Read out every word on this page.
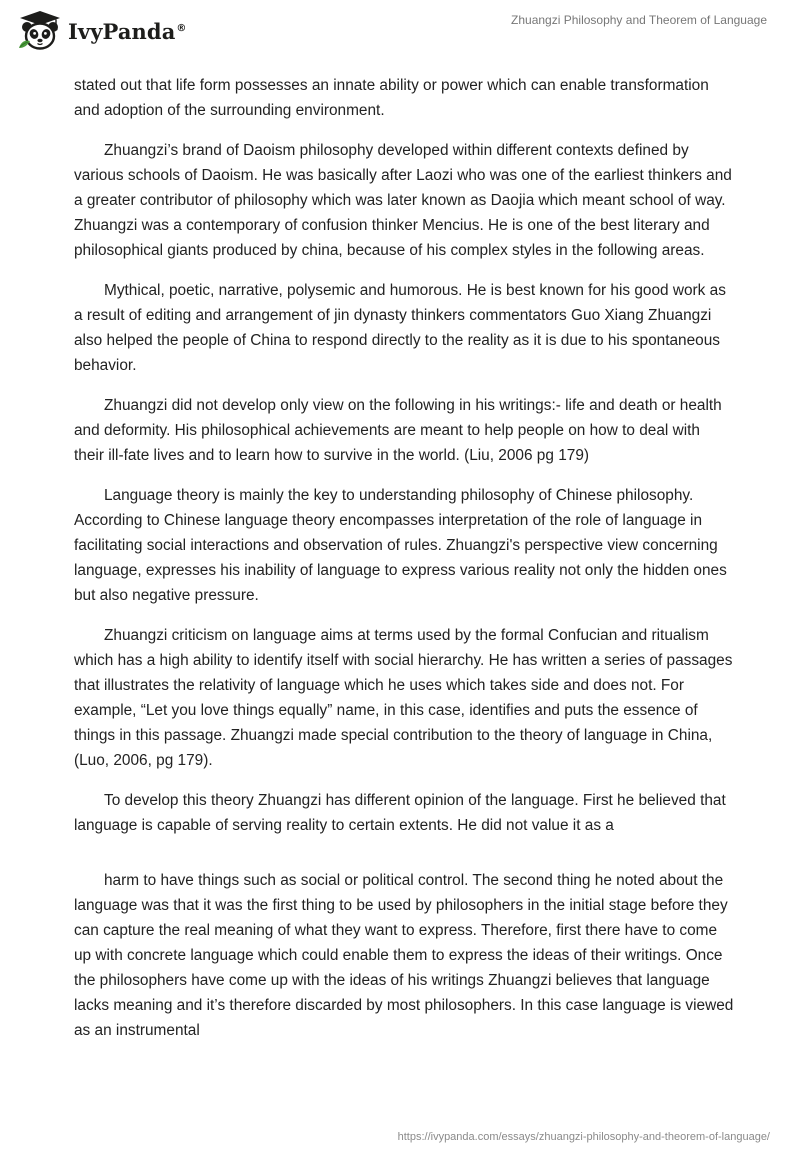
IvyPanda®
Zhuangzi Philosophy and Theorem of Language

stated out that life form possesses an innate ability or power which can enable transformation and adoption of the surrounding environment.

Zhuangzi’s brand of Daoism philosophy developed within different contexts defined by various schools of Daoism. He was basically after Laozi who was one of the earliest thinkers and a greater contributor of philosophy which was later known as Daojia which meant school of way. Zhuangzi was a contemporary of confusion thinker Mencius. He is one of the best literary and philosophical giants produced by china, because of his complex styles in the following areas.

Mythical, poetic, narrative, polysemic and humorous. He is best known for his good work as a result of editing and arrangement of jin dynasty thinkers commentators Guo Xiang Zhuangzi also helped the people of China to respond directly to the reality as it is due to his spontaneous behavior.

Zhuangzi did not develop only view on the following in his writings:- life and death or health and deformity. His philosophical achievements are meant to help people on how to deal with their ill-fate lives and to learn how to survive in the world. (Liu, 2006 pg 179)

Language theory is mainly the key to understanding philosophy of Chinese philosophy. According to Chinese language theory encompasses interpretation of the role of language in facilitating social interactions and observation of rules. Zhuangzi's perspective view concerning language, expresses his inability of language to express various reality not only the hidden ones but also negative pressure.

Zhuangzi criticism on language aims at terms used by the formal Confucian and ritualism which has a high ability to identify itself with social hierarchy. He has written a series of passages that illustrates the relativity of language which he uses which takes side and does not. For example, “Let you love things equally” name, in this case, identifies and puts the essence of things in this passage. Zhuangzi made special contribution to the theory of language in China, (Luo, 2006, pg 179).

To develop this theory Zhuangzi has different opinion of the language. First he believed that language is capable of serving reality to certain extents. He did not value it as a

harm to have things such as social or political control. The second thing he noted about the language was that it was the first thing to be used by philosophers in the initial stage before they can capture the real meaning of what they want to express. Therefore, first there have to come up with concrete language which could enable them to express the ideas of their writings. Once the philosophers have come up with the ideas of his writings Zhuangzi believes that language lacks meaning and it’s therefore discarded by most philosophers. In this case language is viewed as an instrumental

https://ivypanda.com/essays/zhuangzi-philosophy-and-theorem-of-language/
